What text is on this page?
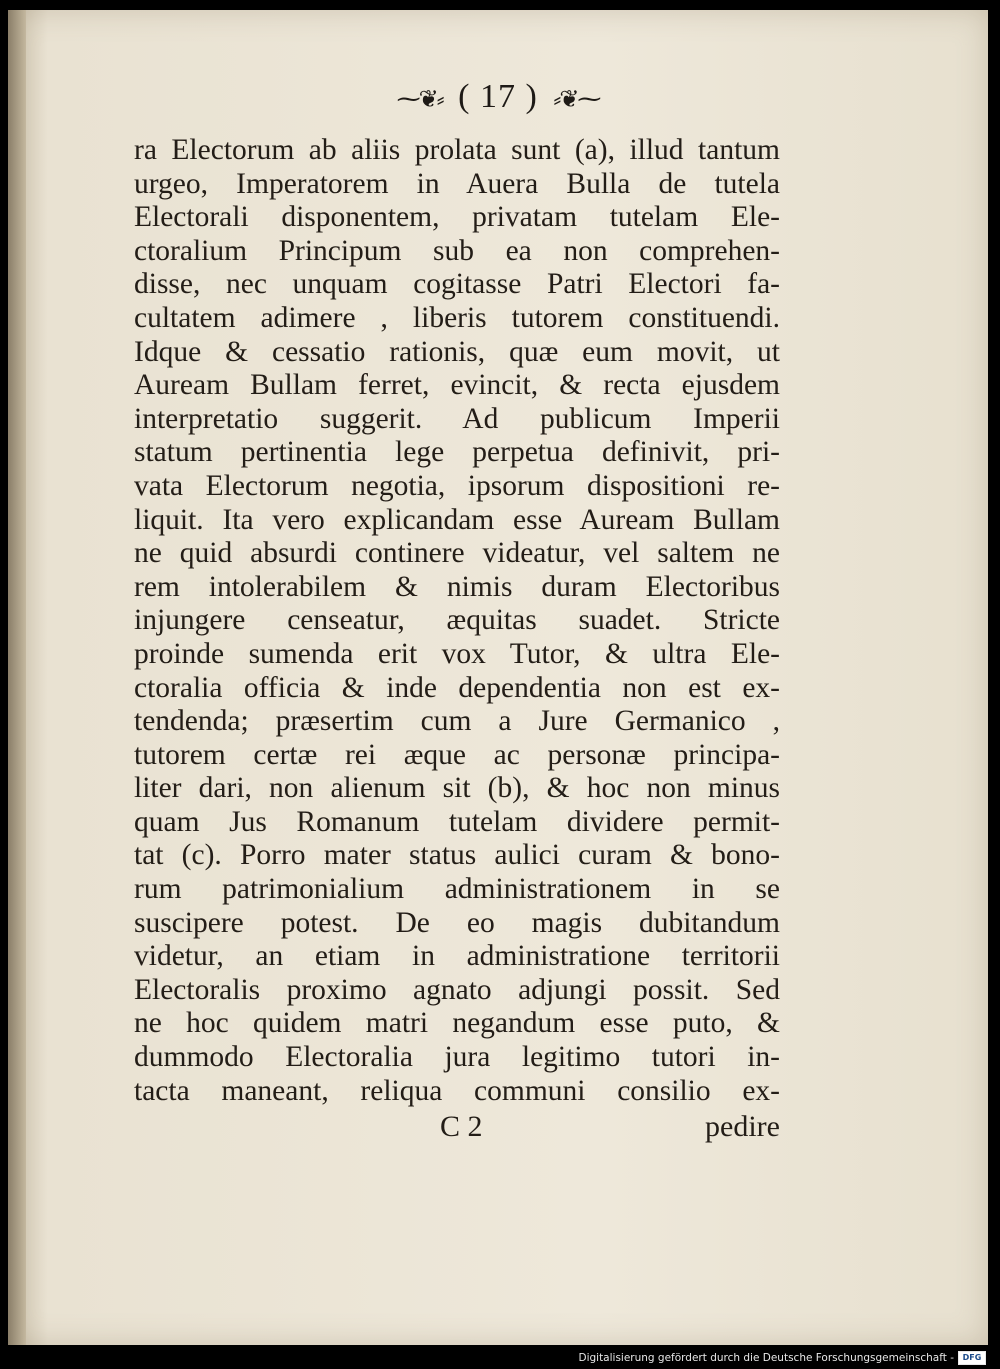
⁓❦⸗ ( 17 ) ⸗❦⁓
ra Electorum ab aliis prolata sunt (a), illud tantum
urgeo, Imperatorem in Auera Bulla de tutela
Electorali disponentem, privatam tutelam Ele-
ctoralium Principum sub ea non comprehen-
disse, nec unquam cogitasse Patri Electori fa-
cultatem adimere , liberis tutorem constituendi.
Idque & cessatio rationis, quæ eum movit, ut
Auream Bullam ferret, evincit, & recta ejusdem
interpretatio suggerit. Ad publicum Imperii
statum pertinentia lege perpetua definivit, pri-
vata Electorum negotia, ipsorum dispositioni re-
liquit. Ita vero explicandam esse Auream Bullam
ne quid absurdi continere videatur, vel saltem ne
rem intolerabilem & nimis duram Electoribus
injungere censeatur, æquitas suadet. Stricte
proinde sumenda erit vox Tutor, & ultra Ele-
ctoralia officia & inde dependentia non est ex-
tendenda; præsertim cum a Jure Germanico ,
tutorem certæ rei æque ac personæ principa-
liter dari, non alienum sit (b), & hoc non minus
quam Jus Romanum tutelam dividere permit-
tat (c). Porro mater status aulici curam & bono-
rum patrimonialium administrationem in se
suscipere potest. De eo magis dubitandum
videtur, an etiam in administratione territorii
Electoralis proximo agnato adjungi possit. Sed
ne hoc quidem matri negandum esse puto, &
dummodo Electoralia jura legitimo tutori in-
tacta maneant, reliqua communi consilio ex-
C 2	pedire
Digitalisierung gefördert durch die Deutsche Forschungsgemeinschaft -	DFG
